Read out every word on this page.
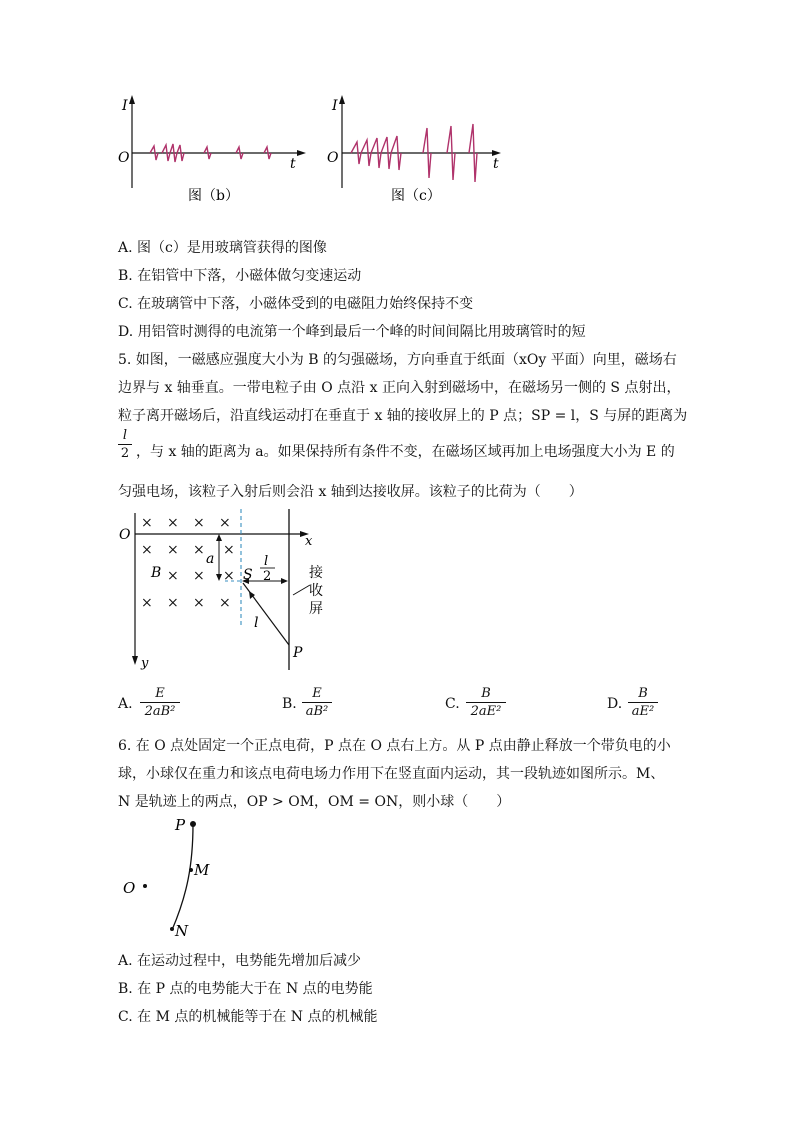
I
O	t
图（b）
I
O	t
图（c）
A. 图（c）是用玻璃管获得的图像
B. 在铝管中下落，小磁体做匀变速运动
C. 在玻璃管中下落，小磁体受到的电磁阻力始终保持不变
D. 用铝管时测得的电流第一个峰到最后一个峰的时间间隔比用玻璃管时的短
5. 如图，一磁感应强度大小为 B 的匀强磁场，方向垂直于纸面（xOy 平面）向里，磁场右
边界与 x 轴垂直。一带电粒子由 O 点沿 x 正向入射到磁场中，在磁场另一侧的 S 点射出，
粒子离开磁场后，沿直线运动打在垂直于 x 轴的接收屏上的 P 点；SP = l，S 与屏的距离为
l
2 ，与 x 轴的距离为 a。如果保持所有条件不变，在磁场区域再加上电场强度大小为 E 的
匀强电场，该粒子入射后则会沿 x 轴到达接收屏。该粒子的比荷为（　　）
× × × ×
× × × ×
× × ×
× × × ×
O	x
y
B
a
S
l
2
l
P
接
收
屏
A.
E
2aB²	B.
E
aB²	C.
B
2aE²	D.
B
aE²
6. 在 O 点处固定一个正点电荷，P 点在 O 点右上方。从 P 点由静止释放一个带负电的小
球，小球仅在重力和该点电荷电场力作用下在竖直面内运动，其一段轨迹如图所示。M、
N 是轨迹上的两点，OP > OM，OM = ON，则小球（　　）
P
M
N
O
A. 在运动过程中，电势能先增加后减少
B. 在 P 点的电势能大于在 N 点的电势能
C. 在 M 点的机械能等于在 N 点的机械能
